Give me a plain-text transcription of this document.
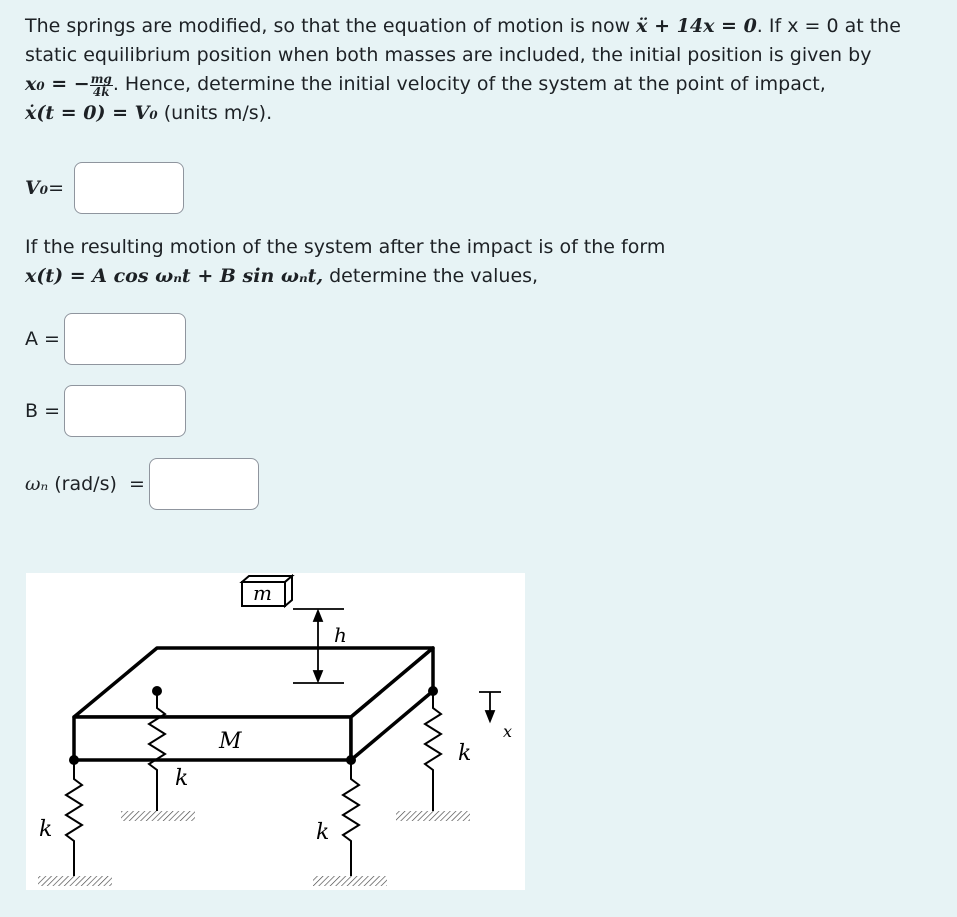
The springs are modified, so that the equation of motion is now ẍ + 14x = 0. If x = 0 at the
static equilibrium position when both masses are included, the initial position is given by
x₀ = − $\frac{mg}{4k}$ . Hence, determine the initial velocity of the system at the point of impact,
ẋ(t = 0) = V₀ (units m/s).
V₀ =
If the resulting motion of the system after the impact is of the form
x(t) = A cos ωₙt + B sin ωₙt, determine the values,
A =
B =
ωₙ (rad/s)  =
m
M
h
x
k	k
k
k
